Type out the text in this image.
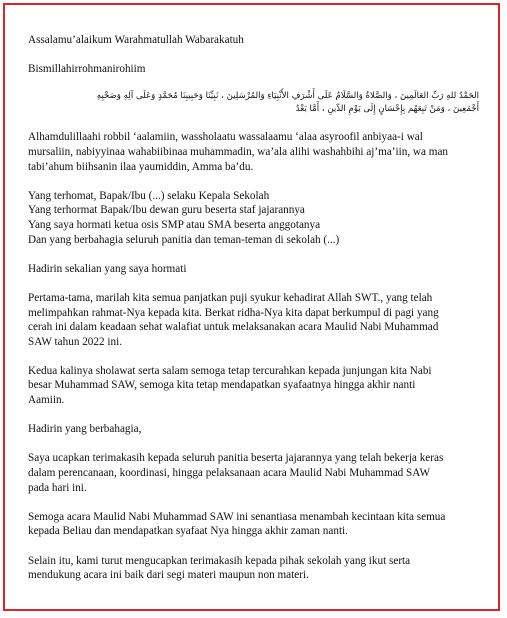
Assalamu’alaikum Warahmatullah Wabarakatuh

Bismillahirrohmanirohiim

الحَمْدُ للهِ رَبِّ العَالَمِينَ ، وَالصَّلاةُ وَالسَّلَامُ عَلَى أَشْرَفِ الأَنْبِيَاءِ وَالمُرْسَلِينَ ، نَبِيِّنَا وَحَبِيبِنَا مُحَمَّدٍ وَعَلَى آلِهِ وَصَحْبِهِ
أَجْمَعِينَ ، وَمَنْ تَبِعَهُم بِإِحْسَانٍ إِلَى يَوْمِ الدِّينِ ، أَمَّا بَعْدُ

Alhamdulillaahi robbil ‘aalamiin, wassholaatu wassalaamu ‘alaa asyroofil anbiyaa-i wal
mursaliin, nabiyyinaa wahabiibinaa muhammadin, wa’ala alihi washahbihi aj’ma’iin, wa man
tabi’ahum biihsanin ilaa yaumiddin, Amma ba’du.

Yang terhomat, Bapak/Ibu (...) selaku Kepala Sekolah
Yang terhormat Bapak/Ibu dewan guru beserta staf jajarannya
Yang saya hormati ketua osis SMP atau SMA beserta anggotanya
Dan yang berbahagia seluruh panitia dan teman-teman di sekolah (...)

Hadirin sekalian yang saya hormati

Pertama-tama, marilah kita semua panjatkan puji syukur kehadirat Allah SWT., yang telah
melimpahkan rahmat-Nya kepada kita. Berkat ridha-Nya kita dapat berkumpul di pagi yang
cerah ini dalam keadaan sehat walafiat untuk melaksanakan acara Maulid Nabi Muhammad
SAW tahun 2022 ini.

Kedua kalinya sholawat serta salam semoga tetap tercurahkan kepada junjungan kita Nabi
besar Muhammad SAW, semoga kita tetap mendapatkan syafaatnya hingga akhir nanti
Aamiin.

Hadirin yang berbahagia,

Saya ucapkan terimakasih kepada seluruh panitia beserta jajarannya yang telah bekerja keras
dalam perencanaan, koordinasi, hingga pelaksanaan acara Maulid Nabi Muhammad SAW
pada hari ini.

Semoga acara Maulid Nabi Muhammad SAW ini senantiasa menambah kecintaan kita semua
kepada Beliau dan mendapatkan syafaat Nya hingga akhir zaman nanti.

Selain itu, kami turut mengucapkan terimakasih kepada pihak sekolah yang ikut serta
mendukung acara ini baik dari segi materi maupun non materi.
